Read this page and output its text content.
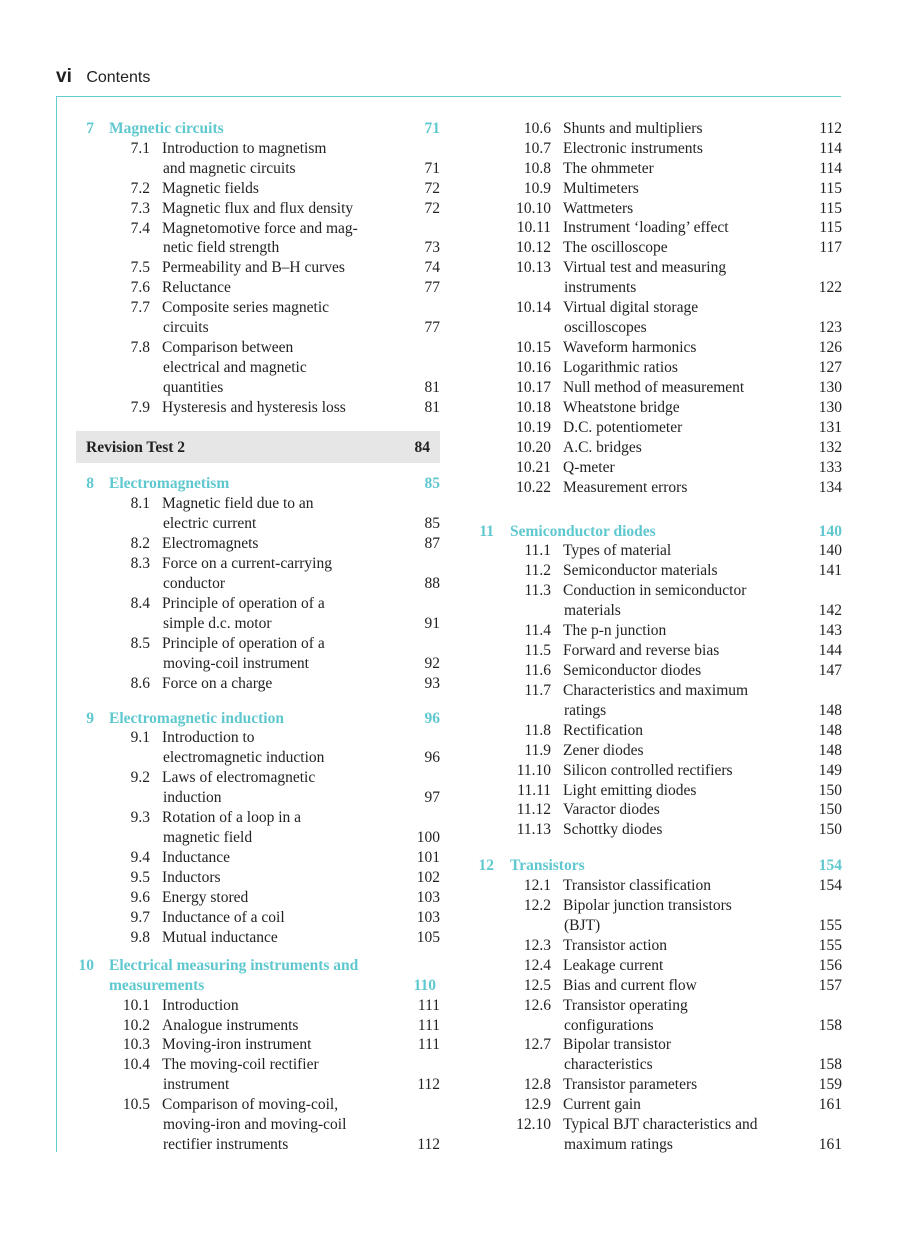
vi Contents
7 Magnetic circuits	71
7.1 Introduction to magnetism
and magnetic circuits	71
7.2 Magnetic fields	72
7.3 Magnetic flux and flux density	72
7.4 Magnetomotive force and mag-
netic field strength	73
7.5 Permeability and B–H curves	74
7.6 Reluctance	77
7.7 Composite series magnetic
circuits	77
7.8 Comparison between
electrical and magnetic
quantities	81
7.9 Hysteresis and hysteresis loss	81
Revision Test 2	84
8 Electromagnetism	85
8.1 Magnetic field due to an
electric current	85
8.2 Electromagnets	87
8.3 Force on a current-carrying
conductor	88
8.4 Principle of operation of a
simple d.c. motor	91
8.5 Principle of operation of a
moving-coil instrument	92
8.6 Force on a charge	93
9 Electromagnetic induction	96
9.1 Introduction to
electromagnetic induction	96
9.2 Laws of electromagnetic
induction	97
9.3 Rotation of a loop in a
magnetic field	100
9.4 Inductance	101
9.5 Inductors	102
9.6 Energy stored	103
9.7 Inductance of a coil	103
9.8 Mutual inductance	105
10 Electrical measuring instruments and
measurements	110
10.1 Introduction	111
10.2 Analogue instruments	111
10.3 Moving-iron instrument	111
10.4 The moving-coil rectifier
instrument	112
10.5 Comparison of moving-coil,
moving-iron and moving-coil
rectifier instruments	112
10.6 Shunts and multipliers	112
10.7 Electronic instruments	114
10.8 The ohmmeter	114
10.9 Multimeters	115
10.10 Wattmeters	115
10.11 Instrument ‘loading’ effect	115
10.12 The oscilloscope	117
10.13 Virtual test and measuring
instruments	122
10.14 Virtual digital storage
oscilloscopes	123
10.15 Waveform harmonics	126
10.16 Logarithmic ratios	127
10.17 Null method of measurement	130
10.18 Wheatstone bridge	130
10.19 D.C. potentiometer	131
10.20 A.C. bridges	132
10.21 Q-meter	133
10.22 Measurement errors	134
11 Semiconductor diodes	140
11.1 Types of material	140
11.2 Semiconductor materials	141
11.3 Conduction in semiconductor
materials	142
11.4 The p-n junction	143
11.5 Forward and reverse bias	144
11.6 Semiconductor diodes	147
11.7 Characteristics and maximum
ratings	148
11.8 Rectification	148
11.9 Zener diodes	148
11.10 Silicon controlled rectifiers	149
11.11 Light emitting diodes	150
11.12 Varactor diodes	150
11.13 Schottky diodes	150
12 Transistors	154
12.1 Transistor classification	154
12.2 Bipolar junction transistors
(BJT)	155
12.3 Transistor action	155
12.4 Leakage current	156
12.5 Bias and current flow	157
12.6 Transistor operating
configurations	158
12.7 Bipolar transistor
characteristics	158
12.8 Transistor parameters	159
12.9 Current gain	161
12.10 Typical BJT characteristics and
maximum ratings	161
